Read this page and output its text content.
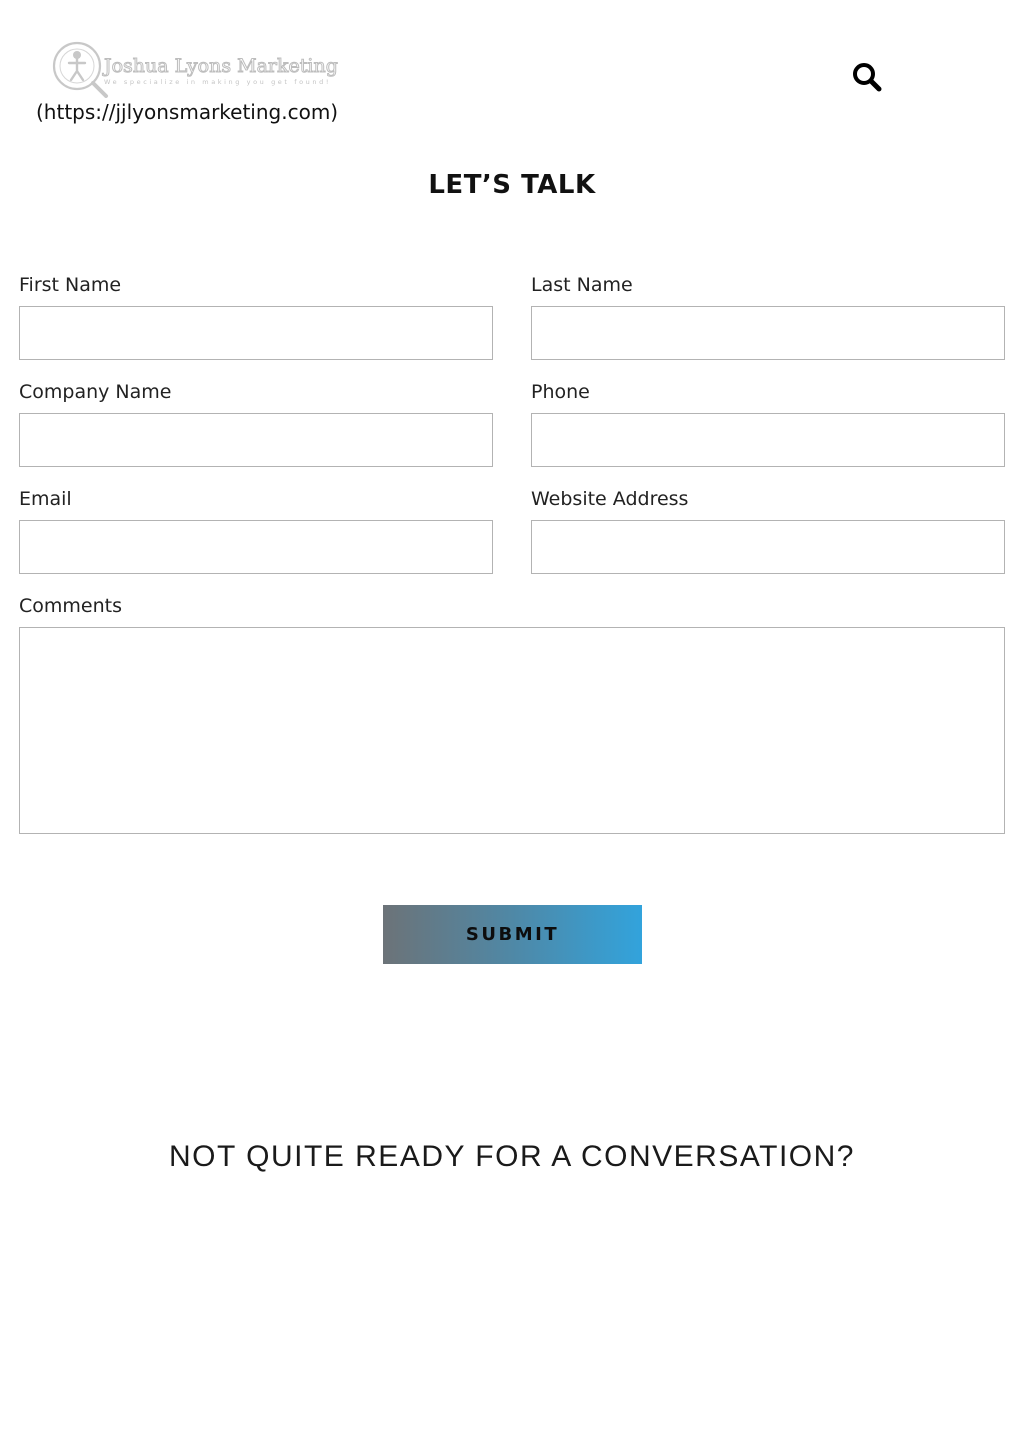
Joshua Lyons Marketing
We specialize in making you get found!
(https://jjlyonsmarketing.com)
LET’S TALK
First Name	Last Name
Company Name	Phone
Email	Website Address
Comments
SUBMIT
NOT QUITE READY FOR A CONVERSATION?
